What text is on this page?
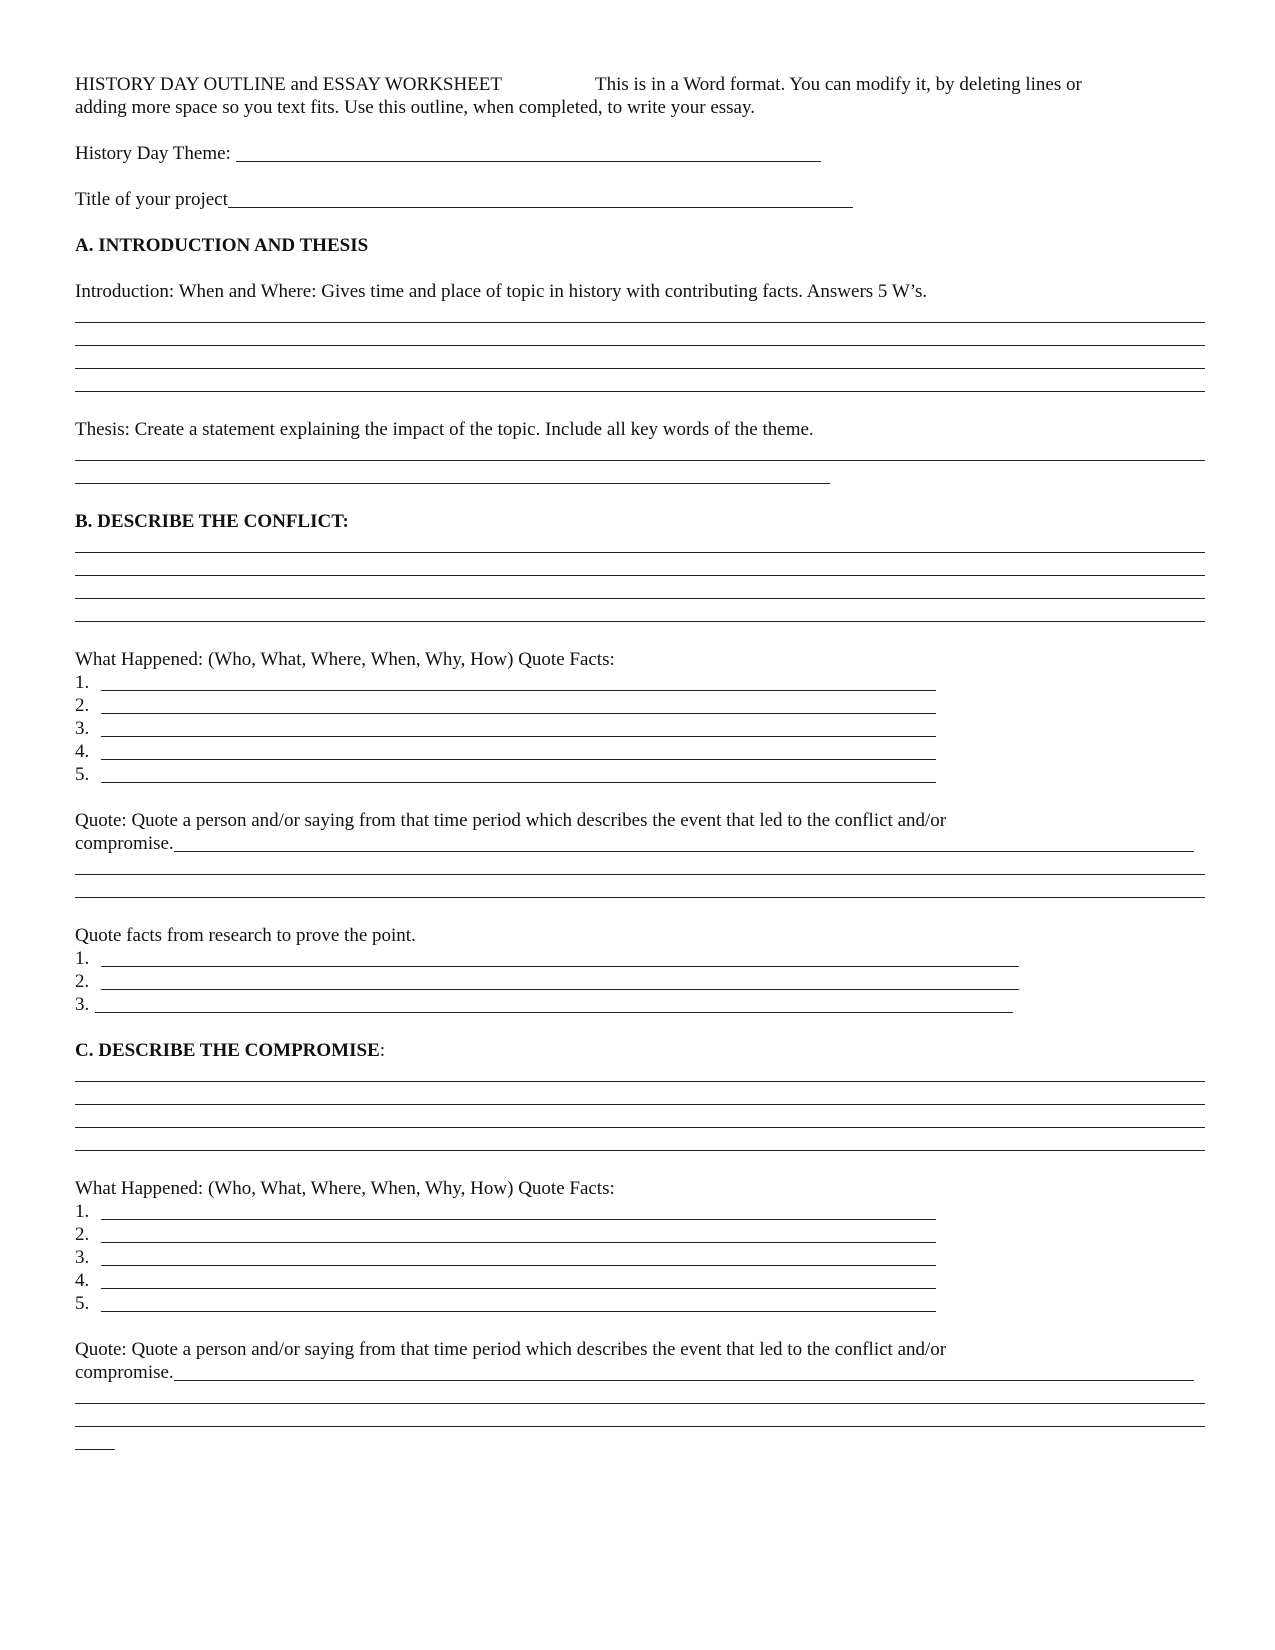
HISTORY DAY OUTLINE and ESSAY WORKSHEET	This is in a Word format. You can modify it, by deleting lines or

adding more space so you text fits. Use this outline, when completed, to write your essay.

History Day Theme:
Title of your project

A. INTRODUCTION AND THESIS

Introduction: When and Where: Gives time and place of topic in history with contributing facts. Answers 5 W’s.

Thesis: Create a statement explaining the impact of the topic. Include all key words of the theme.

B. DESCRIBE THE CONFLICT:

What Happened: (Who, What, Where, When, Why, How) Quote Facts:

1.
2.
3.
4.
5.

Quote: Quote a person and/or saying from that time period which describes the event that led to the conflict and/or

compromise.

Quote facts from research to prove the point.

1.
2.
3.

C. DESCRIBE THE COMPROMISE:

What Happened: (Who, What, Where, When, Why, How) Quote Facts:

1.
2.
3.
4.
5.

Quote: Quote a person and/or saying from that time period which describes the event that led to the conflict and/or

compromise.
